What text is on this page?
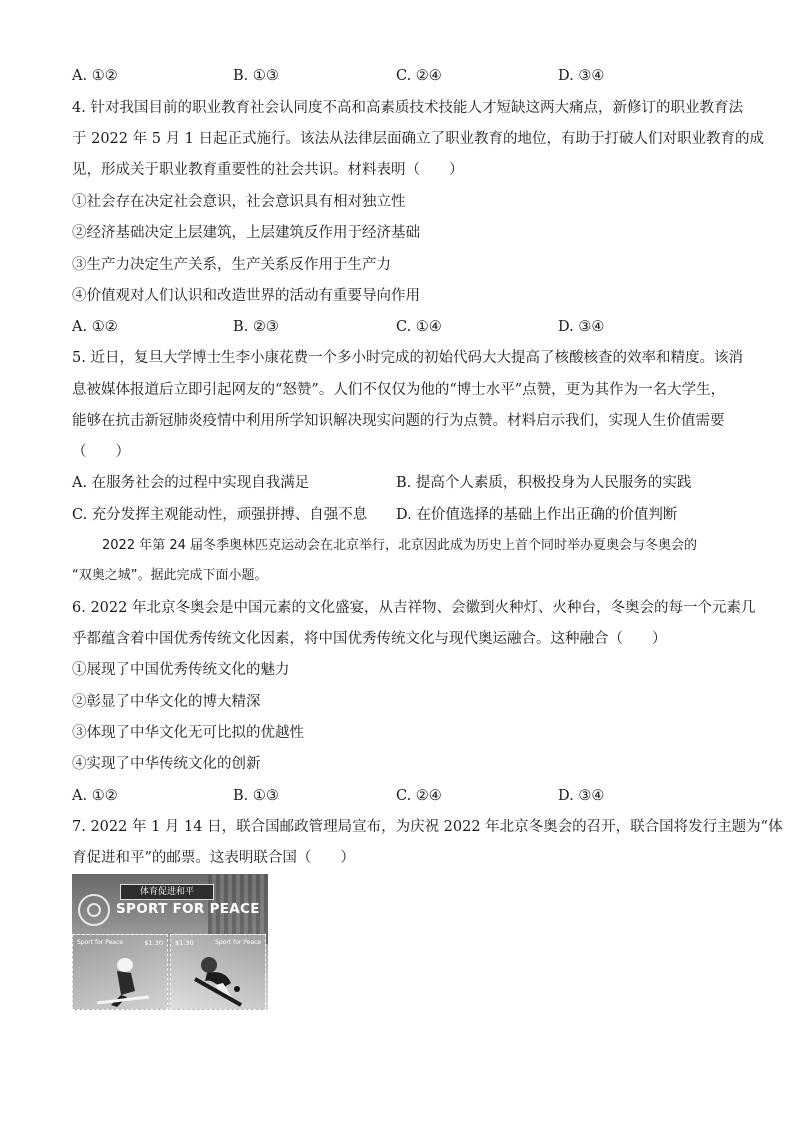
A. ①②	B. ①③	C. ②④	D. ③④
4. 针对我国目前的职业教育社会认同度不高和高素质技术技能人才短缺这两大痛点，新修订的职业教育法
于 2022 年 5 月 1 日起正式施行。该法从法律层面确立了职业教育的地位，有助于打破人们对职业教育的成
见，形成关于职业教育重要性的社会共识。材料表明（　　）
①社会存在决定社会意识，社会意识具有相对独立性
②经济基础决定上层建筑，上层建筑反作用于经济基础
③生产力决定生产关系，生产关系反作用于生产力
④价值观对人们认识和改造世界的活动有重要导向作用
A. ①②	B. ②③	C. ①④	D. ③④
5. 近日，复旦大学博士生李小康花费一个多小时完成的初始代码大大提高了核酸核查的效率和精度。该消
息被媒体报道后立即引起网友的“怒赞”。人们不仅仅为他的“博士水平”点赞，更为其作为一名大学生，
能够在抗击新冠肺炎疫情中利用所学知识解决现实问题的行为点赞。材料启示我们，实现人生价值需要
（　　）
A. 在服务社会的过程中实现自我满足	B. 提高个人素质，积极投身为人民服务的实践
C. 充分发挥主观能动性，顽强拼搏、自强不息 D. 在价值选择的基础上作出正确的价值判断
2022 年第 24 届冬季奥林匹克运动会在北京举行，北京因此成为历史上首个同时举办夏奥会与冬奥会的
“双奥之城”。据此完成下面小题。
6. 2022 年北京冬奥会是中国元素的文化盛宴，从吉祥物、会徽到火种灯、火种台，冬奥会的每一个元素几
乎都蕴含着中国优秀传统文化因素，将中国优秀传统文化与现代奥运融合。这种融合（　　）
①展现了中国优秀传统文化的魅力
②彰显了中华文化的博大精深
③体现了中华文化无可比拟的优越性
④实现了中华传统文化的创新
A. ①②	B. ①③	C. ②④	D. ③④
7. 2022 年 1 月 14 日，联合国邮政管理局宣布，为庆祝 2022 年北京冬奥会的召开，联合国将发行主题为“体
育促进和平”的邮票。这表明联合国（　　）
体育促进和平
SPORT FOR PEACE
Sport for Peace	$1.30 $1.30	Sport for Peace
